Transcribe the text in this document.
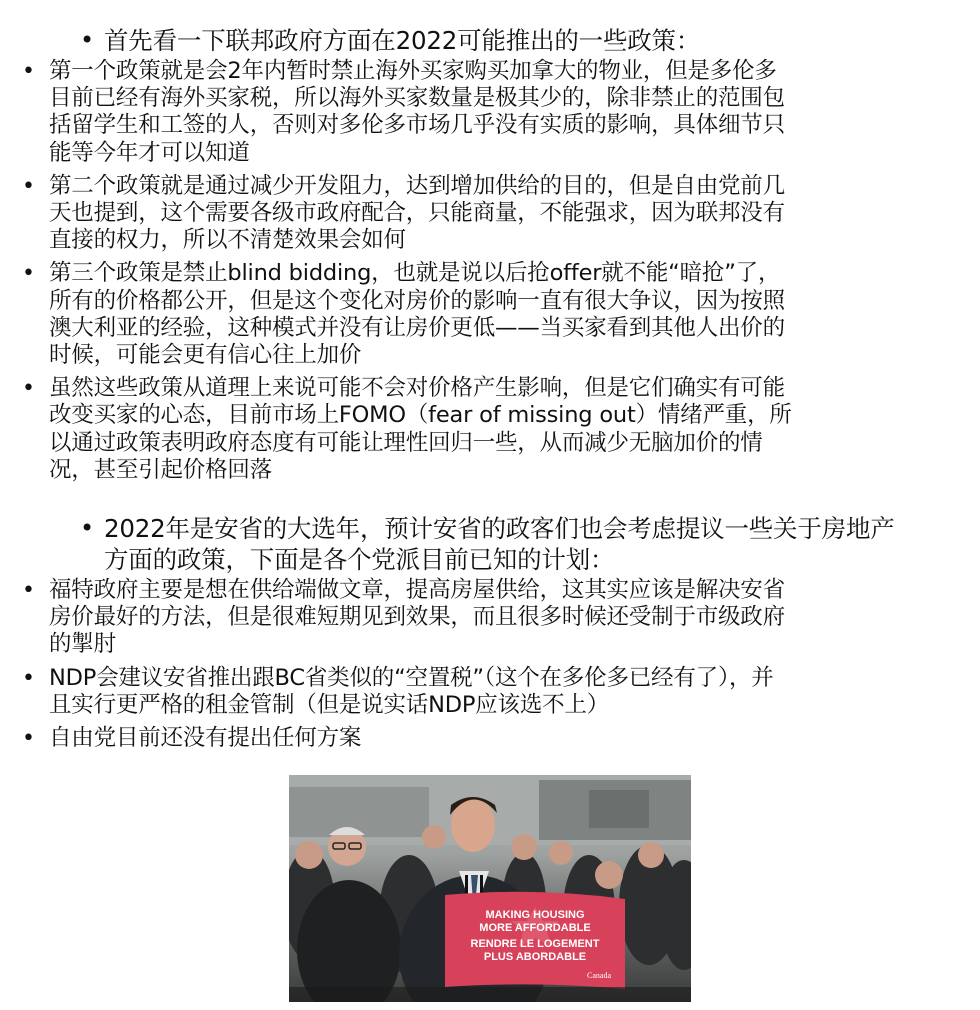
• 首先看一下联邦政府方面在2022可能推出的一些政策：
• 第一个政策就是会2年内暂时禁止海外买家购买加拿大的物业，但是多伦多目前已经有海外买家税，所以海外买家数量是极其少的，除非禁止的范围包括留学生和工签的人，否则对多伦多市场几乎没有实质的影响，具体细节只能等今年才可以知道
• 第二个政策就是通过减少开发阻力，达到增加供给的目的，但是自由党前几天也提到，这个需要各级市政府配合，只能商量，不能强求，因为联邦没有直接的权力，所以不清楚效果会如何
• 第三个政策是禁止blind bidding，也就是说以后抢offer就不能“暗抢”了，所有的价格都公开，但是这个变化对房价的影响一直有很大争议，因为按照澳大利亚的经验，这种模式并没有让房价更低——当买家看到其他人出价的时候，可能会更有信心往上加价
• 虽然这些政策从道理上来说可能不会对价格产生影响，但是它们确实有可能改变买家的心态，目前市场上FOMO（fear of missing out）情绪严重，所以通过政策表明政府态度有可能让理性回归一些，从而减少无脑加价的情况，甚至引起价格回落
• 2022年是安省的大选年，预计安省的政客们也会考虑提议一些关于房地产方面的政策，下面是各个党派目前已知的计划：
• 福特政府主要是想在供给端做文章，提高房屋供给，这其实应该是解决安省房价最好的方法，但是很难短期见到效果，而且很多时候还受制于市级政府的掣肘
• NDP会建议安省推出跟BC省类似的“空置税”（这个在多伦多已经有了），并且实行更严格的租金管制（但是说实话NDP应该选不上）
• 自由党目前还没有提出任何方案
MAKING HOUSING
MORE AFFORDABLE
RENDRE LE LOGEMENT
PLUS ABORDABLE
Canada
